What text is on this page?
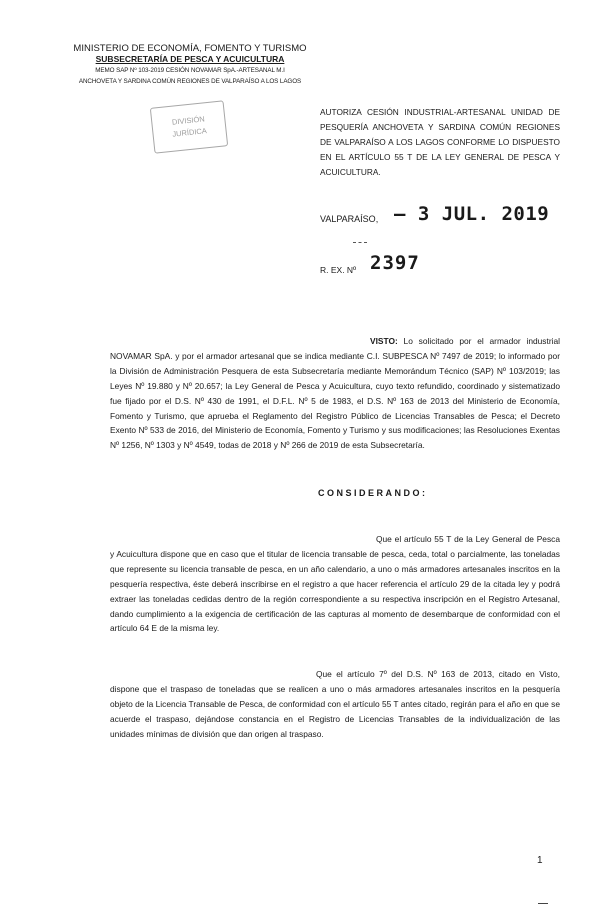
MINISTERIO DE ECONOMÍA, FOMENTO Y TURISMO
SUBSECRETARÍA DE PESCA Y ACUICULTURA
MEMO SAP Nº 103-2019 CESIÓN NOVAMAR SpA.-ARTESANAL M.I
ANCHOVETA Y SARDINA COMÚN REGIONES DE VALPARAÍSO A LOS LAGOS
DIVISIÓN
JURÍDICA
AUTORIZA CESIÓN INDUSTRIAL-ARTESANAL UNIDAD DE PESQUERÍA ANCHOVETA Y SARDINA COMÚN REGIONES DE VALPARAÍSO A LOS LAGOS CONFORME LO DISPUESTO EN EL ARTÍCULO 55 T DE LA LEY GENERAL DE PESCA Y ACUICULTURA.
VALPARAÍSO, – 3 JUL. 2019
R. EX. Nº 2397
VISTO: Lo solicitado por el armador industrial NOVAMAR SpA. y por el armador artesanal que se indica mediante C.I. SUBPESCA Nº 7497 de 2019; lo informado por la División de Administración Pesquera de esta Subsecretaría mediante Memorándum Técnico (SAP) Nº 103/2019; las Leyes Nº 19.880 y Nº 20.657; la Ley General de Pesca y Acuicultura, cuyo texto refundido, coordinado y sistematizado fue fijado por el D.S. Nº 430 de 1991, el D.F.L. Nº 5 de 1983, el D.S. Nº 163 de 2013 del Ministerio de Economía, Fomento y Turismo, que aprueba el Reglamento del Registro Público de Licencias Transables de Pesca; el Decreto Exento Nº 533 de 2016, del Ministerio de Economía, Fomento y Turismo y sus modificaciones; las Resoluciones Exentas Nº 1256, Nº 1303 y Nº 4549, todas de 2018 y Nº 266 de 2019 de esta Subsecretaría.
CONSIDERANDO:
Que el artículo 55 T de la Ley General de Pesca y Acuicultura dispone que en caso que el titular de licencia transable de pesca, ceda, total o parcialmente, las toneladas que represente su licencia transable de pesca, en un año calendario, a uno o más armadores artesanales inscritos en la pesquería respectiva, éste deberá inscribirse en el registro a que hacer referencia el artículo 29 de la citada ley y podrá extraer las toneladas cedidas dentro de la región correspondiente a su respectiva inscripción en el Registro Artesanal, dando cumplimiento a la exigencia de certificación de las capturas al momento de desembarque de conformidad con el artículo 64 E de la misma ley.
Que el artículo 7º del D.S. Nº 163 de 2013, citado en Visto, dispone que el traspaso de toneladas que se realicen a uno o más armadores artesanales inscritos en la pesquería objeto de la Licencia Transable de Pesca, de conformidad con el artículo 55 T antes citado, regirán para el año en que se acuerde el traspaso, dejándose constancia en el Registro de Licencias Transables de la individualización de las unidades mínimas de división que dan origen al traspaso.
1
